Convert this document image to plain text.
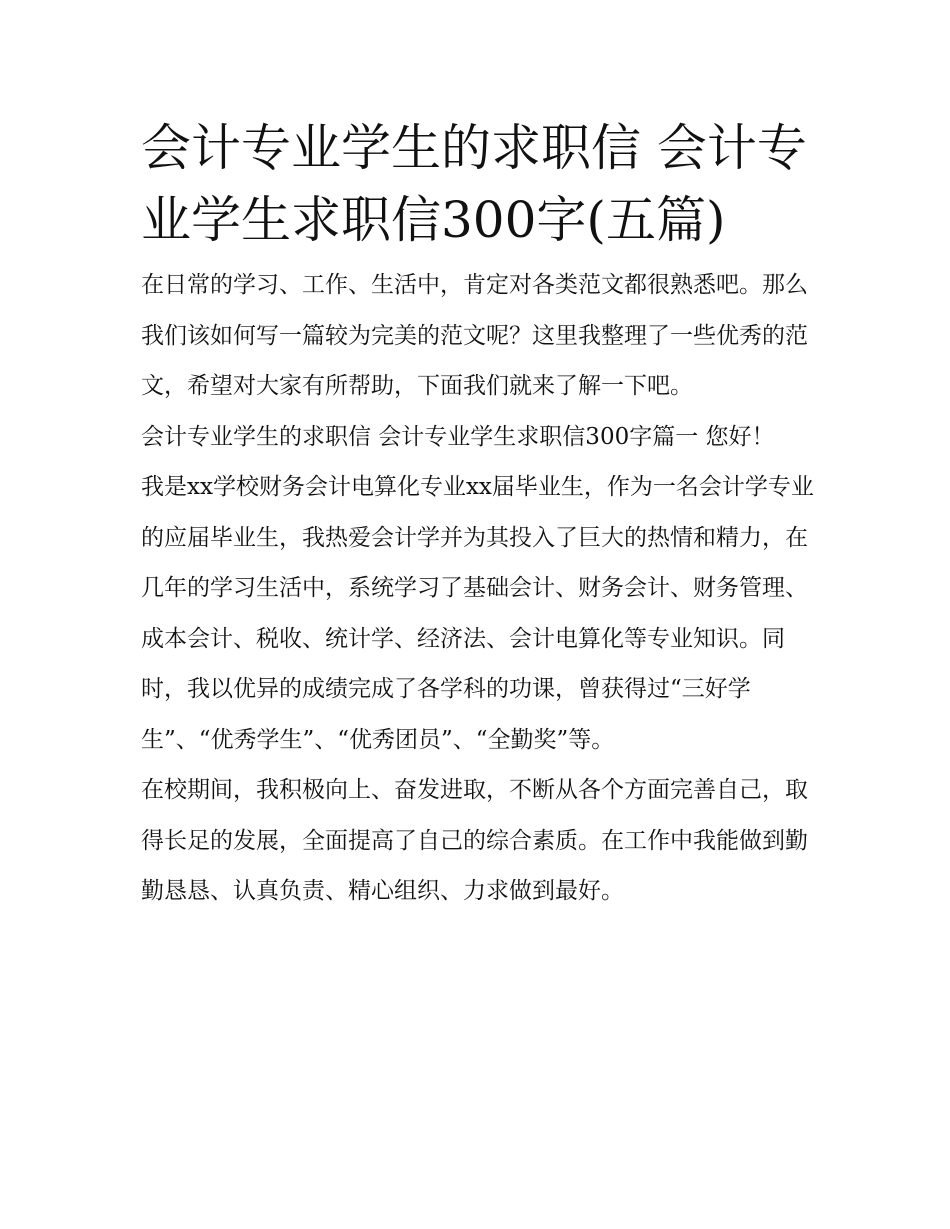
会计专业学生的求职信 会计专业学生求职信300字(五篇)

在日常的学习、工作、生活中，肯定对各类范文都很熟悉吧。那么我们该如何写一篇较为完美的范文呢？这里我整理了一些优秀的范文，希望对大家有所帮助，下面我们就来了解一下吧。

会计专业学生的求职信 会计专业学生求职信300字篇一 您好！

我是xx学校财务会计电算化专业xx届毕业生，作为一名会计学专业的应届毕业生，我热爱会计学并为其投入了巨大的热情和精力，在几年的学习生活中，系统学习了基础会计、财务会计、财务管理、成本会计、税收、统计学、经济法、会计电算化等专业知识。同时，我以优异的成绩完成了各学科的功课，曾获得过“三好学生”、“优秀学生”、“优秀团员”、“全勤奖”等。

在校期间，我积极向上、奋发进取，不断从各个方面完善自己，取得长足的发展，全面提高了自己的综合素质。在工作中我能做到勤勤恳恳、认真负责、精心组织、力求做到最好。
